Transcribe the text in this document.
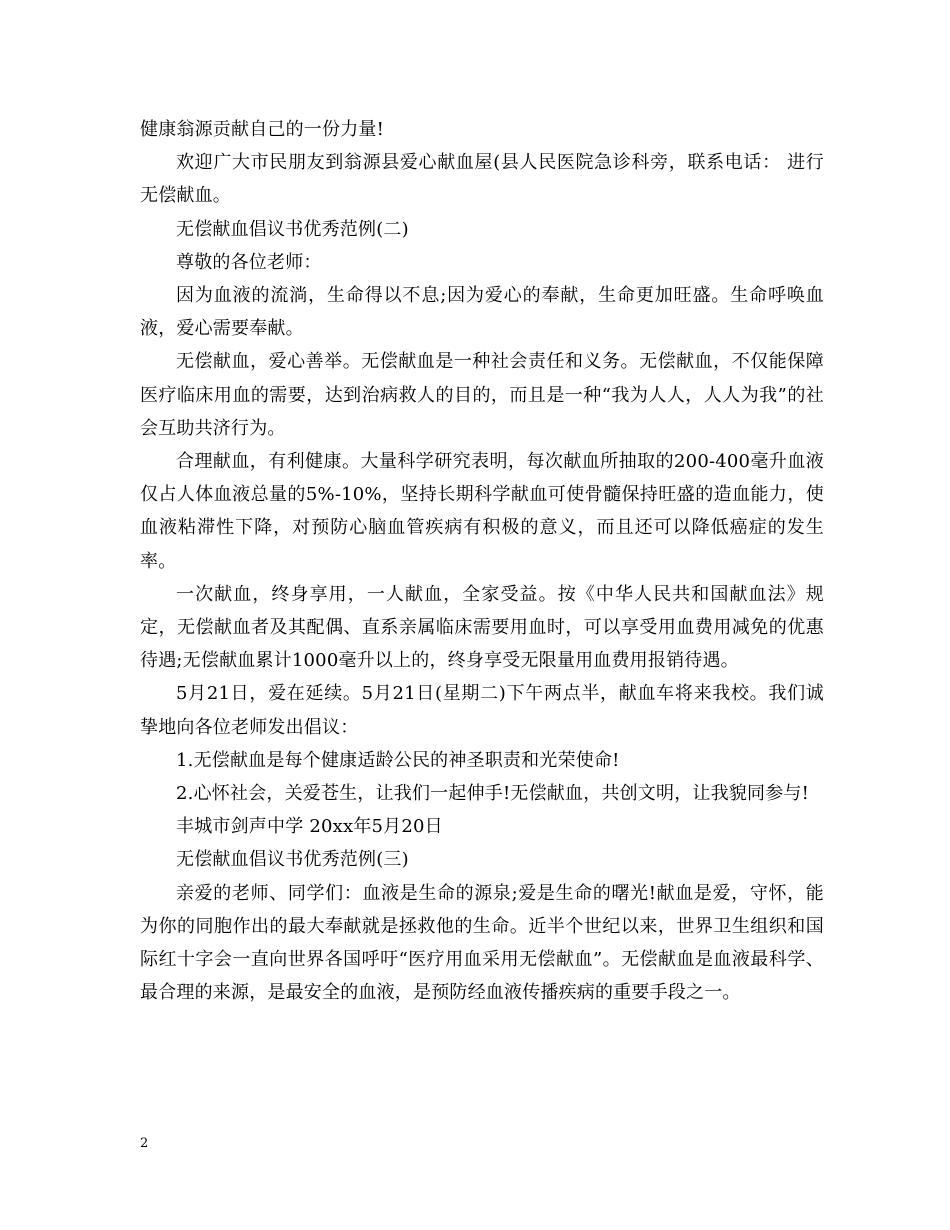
健康翁源贡献自己的一份力量!

欢迎广大市民朋友到翁源县爱心献血屋(县人民医院急诊科旁，联系电话： 进行无偿献血。

无偿献血倡议书优秀范例(二)

尊敬的各位老师：

因为血液的流淌，生命得以不息;因为爱心的奉献，生命更加旺盛。生命呼唤血液，爱心需要奉献。

无偿献血，爱心善举。无偿献血是一种社会责任和义务。无偿献血，不仅能保障医疗临床用血的需要，达到治病救人的目的，而且是一种“我为人人，人人为我”的社会互助共济行为。

合理献血，有利健康。大量科学研究表明，每次献血所抽取的200-400毫升血液仅占人体血液总量的5%-10%，坚持长期科学献血可使骨髓保持旺盛的造血能力，使血液粘滞性下降，对预防心脑血管疾病有积极的意义，而且还可以降低癌症的发生率。

一次献血，终身享用，一人献血，全家受益。按《中华人民共和国献血法》规定，无偿献血者及其配偶、直系亲属临床需要用血时，可以享受用血费用减免的优惠待遇;无偿献血累计1000毫升以上的，终身享受无限量用血费用报销待遇。

5月21日，爱在延续。5月21日(星期二)下午两点半，献血车将来我校。我们诚挚地向各位老师发出倡议：

1.无偿献血是每个健康适龄公民的神圣职责和光荣使命!

2.心怀社会，关爱苍生，让我们一起伸手!无偿献血，共创文明，让我貌同参与!

丰城市剑声中学 20xx年5月20日

无偿献血倡议书优秀范例(三)

亲爱的老师、同学们：血液是生命的源泉;爱是生命的曙光!献血是爱，守怀，能为你的同胞作出的最大奉献就是拯救他的生命。近半个世纪以来，世界卫生组织和国际红十字会一直向世界各国呼吁“医疗用血采用无偿献血”。无偿献血是血液最科学、最合理的来源，是最安全的血液，是预防经血液传播疾病的重要手段之一。

2
